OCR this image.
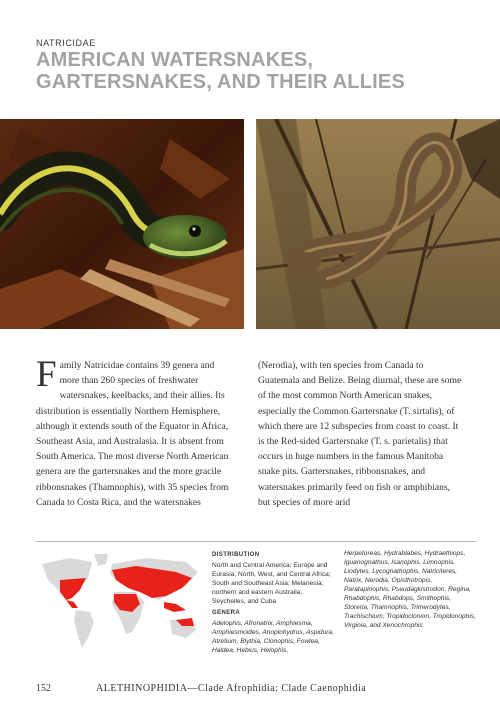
NATRICIDAE
AMERICAN WATERSNAKES, GARTERSNAKES, AND THEIR ALLIES
F amily Natricidae contains 39 genera and more than 260 species of freshwater watersnakes, keelbacks, and their allies. Its distribution is essentially Northern Hemisphere, although it extends south of the Equator in Africa, Southeast Asia, and Australasia. It is absent from South America. The most diverse North American genera are the gartersnakes and the more gracile ribbonsnakes (Thamnophis), with 35 species from Canada to Costa Rica, and the watersnakes
(Nerodia), with ten species from Canada to Guatemala and Belize. Being diurnal, these are some of the most common North American snakes, especially the Common Gartersnake (T. sirtalis), of which there are 12 subspecies from coast to coast. It is the Red-sided Gartersnake (T. s. parietalis) that occurs in huge numbers in the famous Manitoba snake pits. Gartersnakes, ribbonsnakes, and watersnakes primarily feed on fish or amphibians, but species of more arid
DISTRIBUTION
North and Central America; Europe and Eurasia; North, West, and Central Africa; South and Southeast Asia; Melanesia; northern and eastern Australia, Seychelles, and Cuba
GENERA
Adelophis, Afronatrix, Amphiesma, Amphiesmoides, Anoplohydrus, Aspidura, Atretium, Blythia, Clonophis, Fowlea, Haldea, Hebius, Helophis,
Herpetoreas, Hydrablabes, Hydraethiops, Iguanognathus, Isanophis, Limnophis, Liodytes, Lycognathophis, Natriciteres, Natrix, Nerodia, Opisthotropis, Paratapinophis, Pseudagkistrodon, Regina, Rhabdophis, Rhabdops, Smithophis, Storeria, Thamnophis, Trimerodytes, Trachischium, Tropidoclonion, Tropidonophis, Virginia, and Xenochrophis
152	ALETHINOPHIDIA—Clade Afrophidia: Clade Caenophidia
